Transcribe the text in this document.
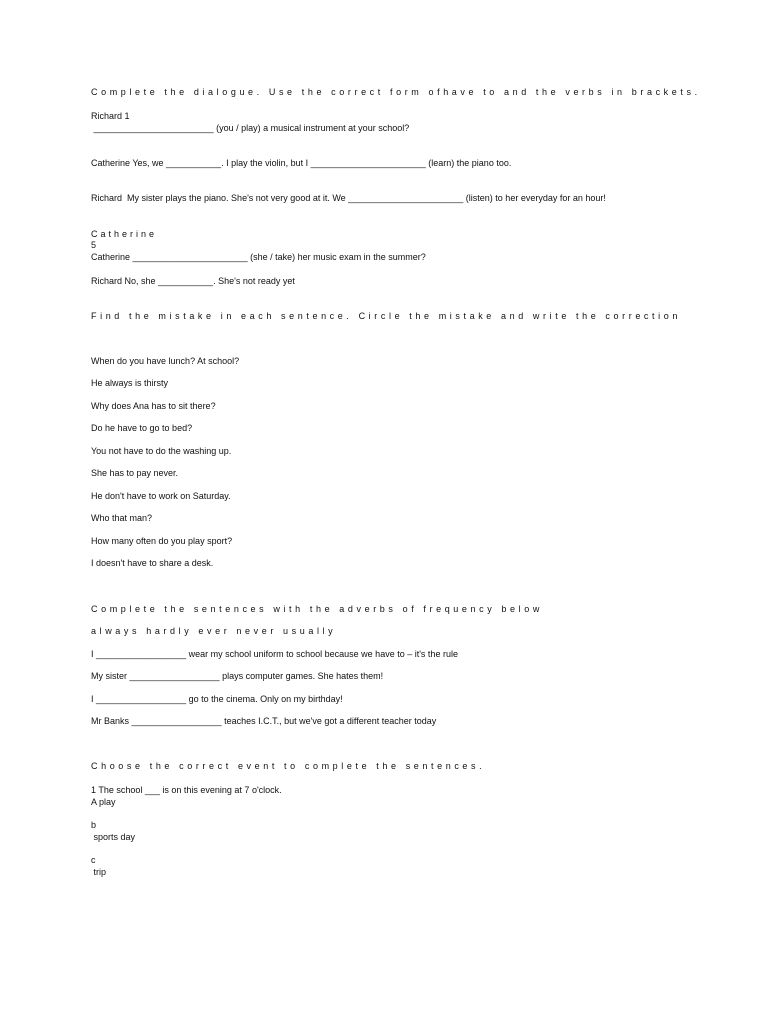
Complete the dialogue. Use the correct form ofhave to and the verbs in brackets.
Richard 1
________________________ (you / play) a musical instrument at your school?
Catherine Yes, we ___________. I play the violin, but I _______________________ (learn) the piano too.
Richard  My sister plays the piano. She's not very good at it. We _______________________ (listen) to her everyday for an hour!
Catherine
5
Catherine _______________________ (she / take) her music exam in the summer?
Richard No, she ___________. She's not ready yet
Find the mistake in each sentence. Circle the mistake and write the correction
When do you have lunch? At school?
He always is thirsty
Why does Ana has to sit there?
Do he have to go to bed?
You not have to do the washing up.
She has to pay never.
He don't have to work on Saturday.
Who that man?
How many often do you play sport?
I doesn't have to share a desk.
Complete the sentences with the adverbs of frequency below
always hardly ever never usually
I __________________ wear my school uniform to school because we have to – it's the rule
My sister __________________ plays computer games. She hates them!
I __________________ go to the cinema. Only on my birthday!
Mr Banks __________________ teaches I.C.T., but we've got a different teacher today
Choose the correct event to complete the sentences.
1 The school ___ is on this evening at 7 o'clock.
A play
b
sports day
c
trip
